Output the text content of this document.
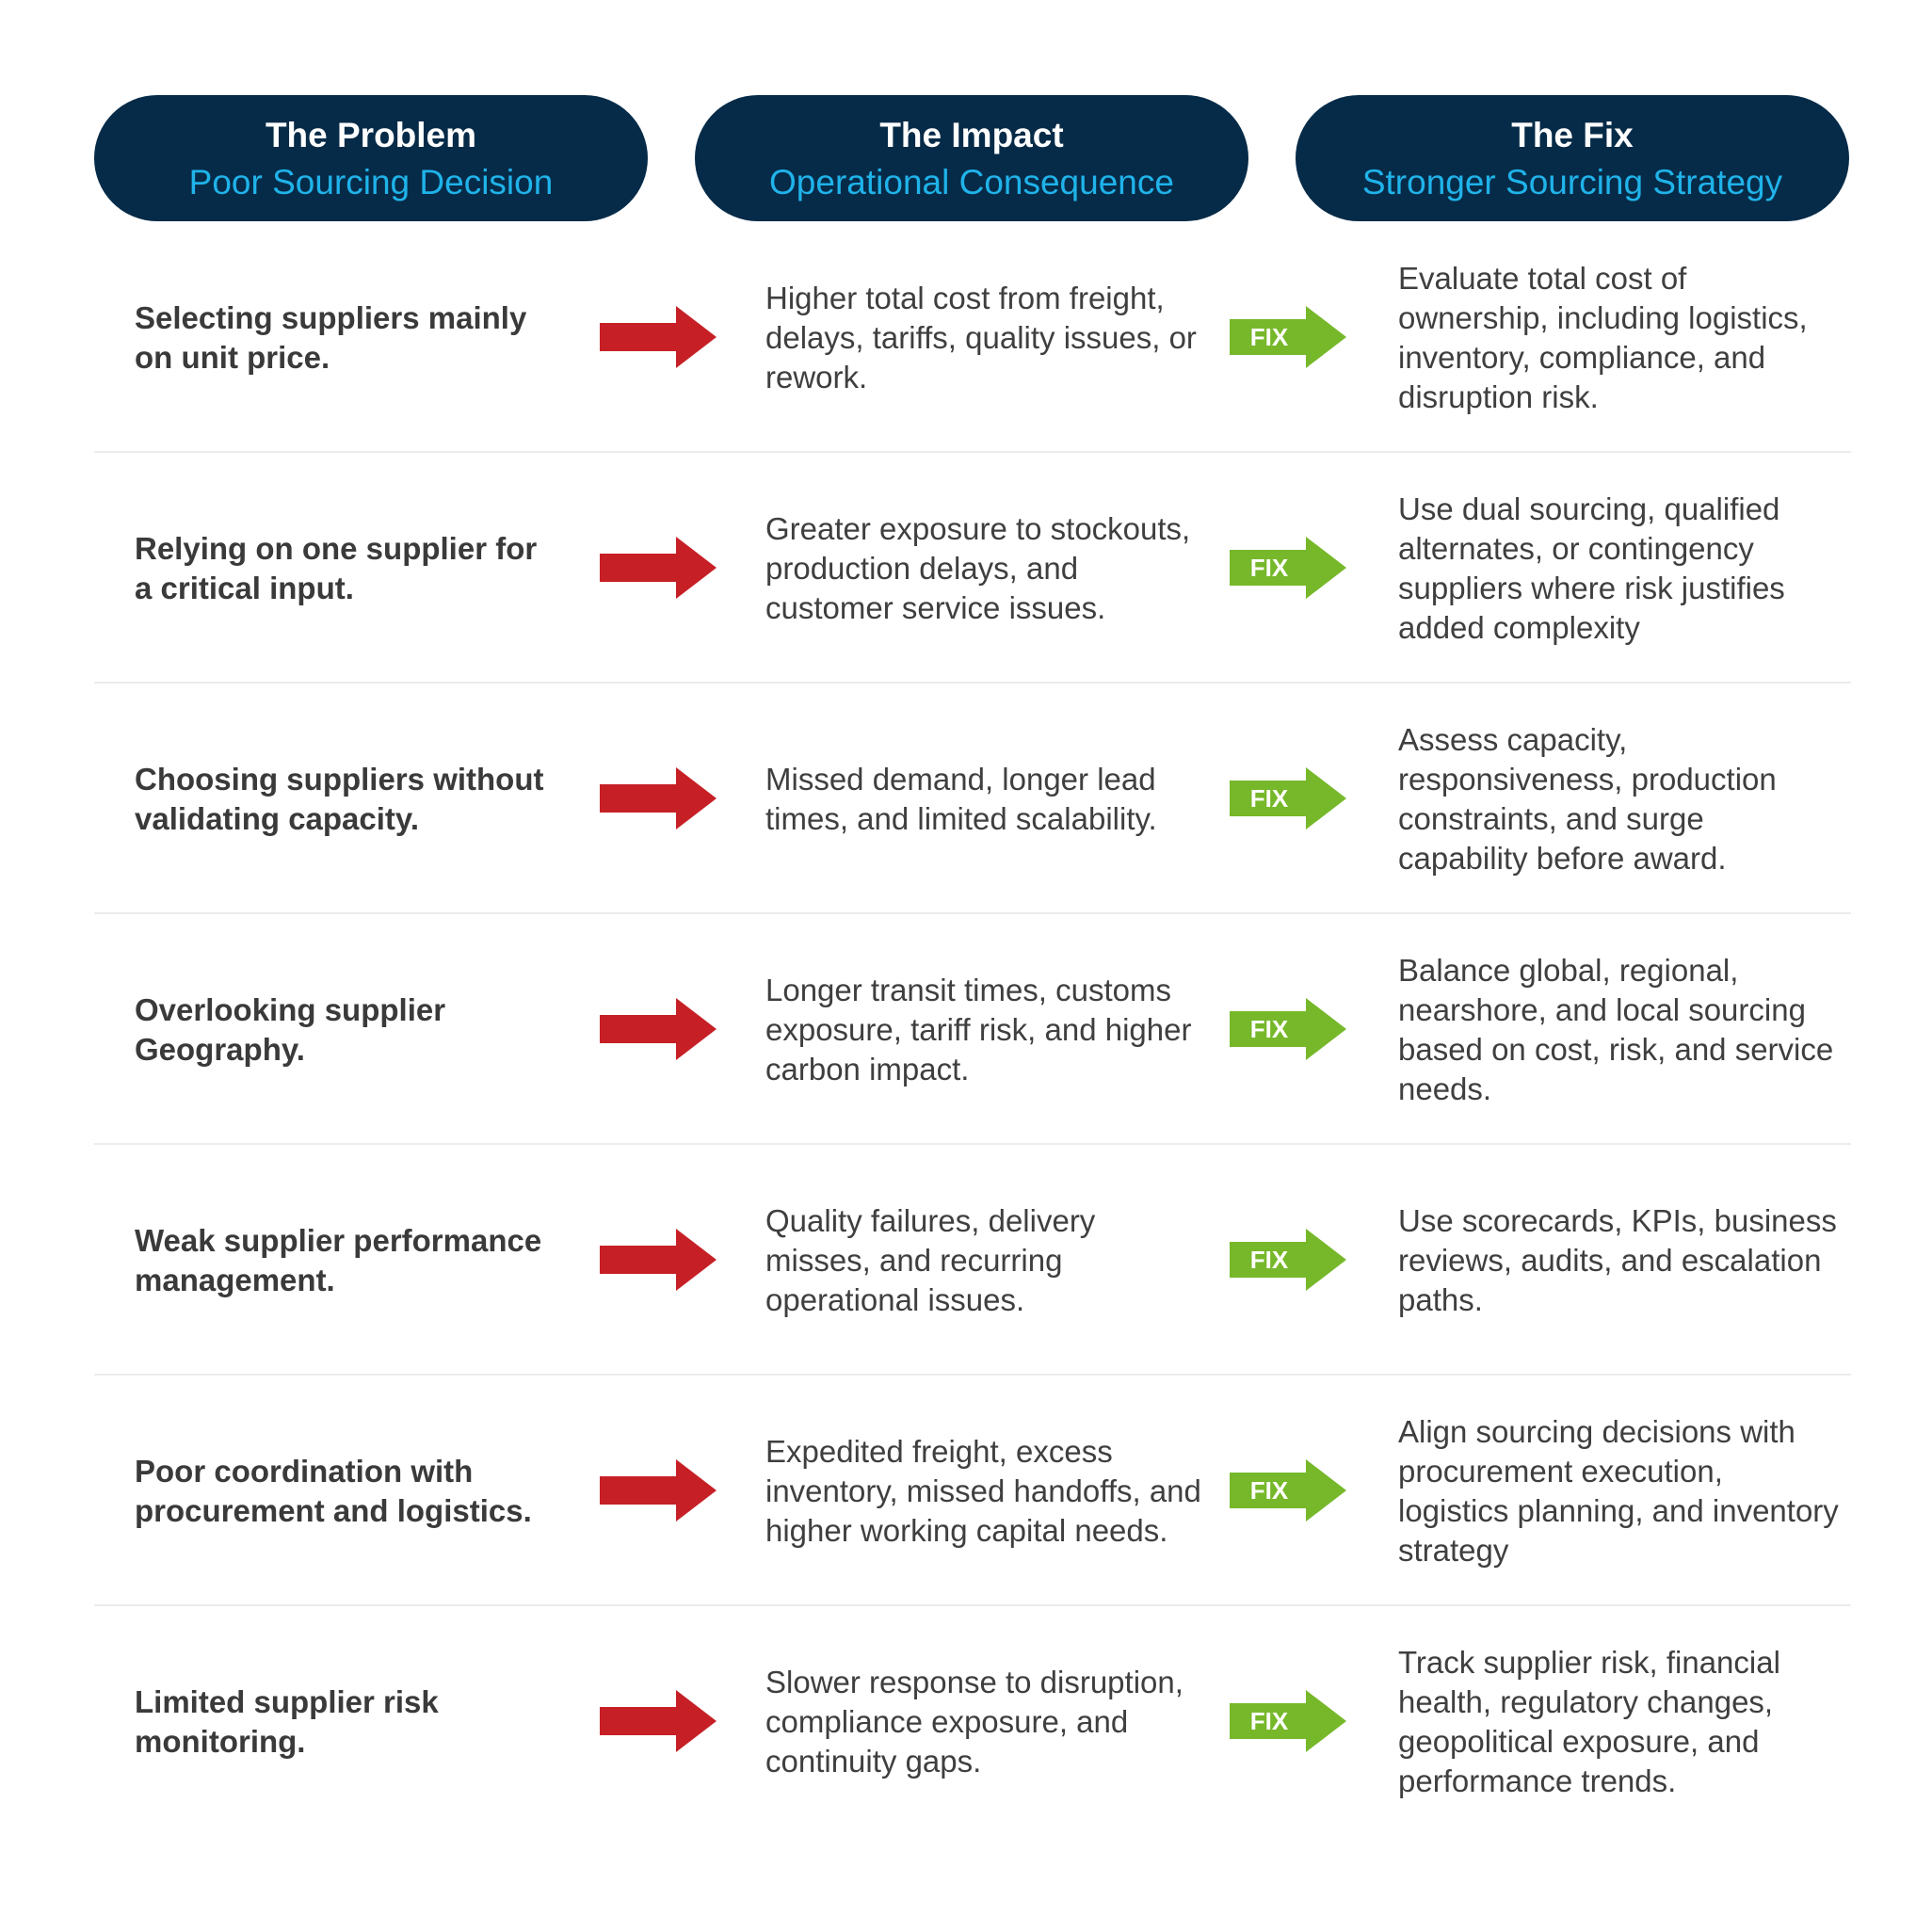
The Problem
Poor Sourcing Decision
The Impact
Operational Consequence
The Fix
Stronger Sourcing Strategy
Selecting suppliers mainly on unit price.
Higher total cost from freight, delays, tariffs, quality issues, or rework.
FIX
Evaluate total cost of ownership, including logistics, inventory, compliance, and disruption risk.
Relying on one supplier for a critical input.
Greater exposure to stockouts, production delays, and customer service issues.
FIX
Use dual sourcing, qualified alternates, or contingency suppliers where risk justifies added complexity
Choosing suppliers without validating capacity.
Missed demand, longer lead times, and limited scalability.
FIX
Assess capacity, responsiveness, production constraints, and surge capability before award.
Overlooking supplier Geography.
Longer transit times, customs exposure, tariff risk, and higher carbon impact.
FIX
Balance global, regional, nearshore, and local sourcing based on cost, risk, and service needs.
Weak supplier performance management.
Quality failures, delivery misses, and recurring operational issues.
FIX
Use scorecards, KPIs, business reviews, audits, and escalation paths.
Poor coordination with procurement and logistics.
Expedited freight, excess inventory, missed handoffs, and higher working capital needs.
FIX
Align sourcing decisions with procurement execution, logistics planning, and inventory strategy
Limited supplier risk monitoring.
Slower response to disruption, compliance exposure, and continuity gaps.
FIX
Track supplier risk, financial health, regulatory changes, geopolitical exposure, and performance trends.
